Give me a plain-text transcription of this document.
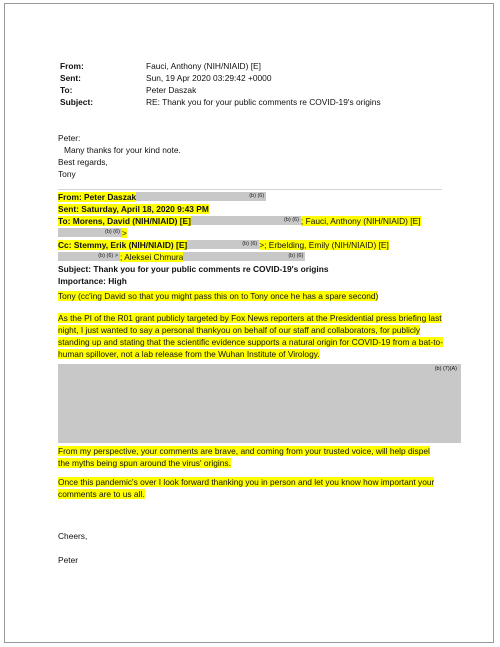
From:	Fauci, Anthony (NIH/NIAID) [E]
Sent:	Sun, 19 Apr 2020 03:29:42 +0000
To:	Peter Daszak
Subject:	RE: Thank you for your public comments re COVID-19's origins
Peter:
Many thanks for your kind note.
Best regards,
Tony
From: Peter Daszak	(b) (6)
Sent: Saturday, April 18, 2020 9:43 PM
To: Morens, David (NIH/NIAID) [E]	(b) (6) ; Fauci, Anthony (NIH/NIAID) [E]
(b) (6) >
Cc: Stemmy, Erik (NIH/NIAID) [E]	(b) (6) >; Erbelding, Emily (NIH/NIAID) [E]
(b) (6) > ; Aleksei Chmura	(b) (6)
Subject: Thank you for your public comments re COVID-19's origins
Importance: High
Tony (cc'ing David so that you might pass this on to Tony once he has a spare second)
As the PI of the R01 grant publicly targeted by Fox News reporters at the Presidential press briefing last
night, I just wanted to say a personal thankyou on behalf of our staff and collaborators, for publicly
standing up and stating that the scientific evidence supports a natural origin for COVID-19 from a bat-to-
human spillover, not a lab release from the Wuhan Institute of Virology.
(b) (7)(A)
From my perspective, your comments are brave, and coming from your trusted voice, will help dispel
the myths being spun around the virus' origins.
Once this pandemic's over I look forward thanking you in person and let you know how important your
comments are to us all.
Cheers,
Peter
